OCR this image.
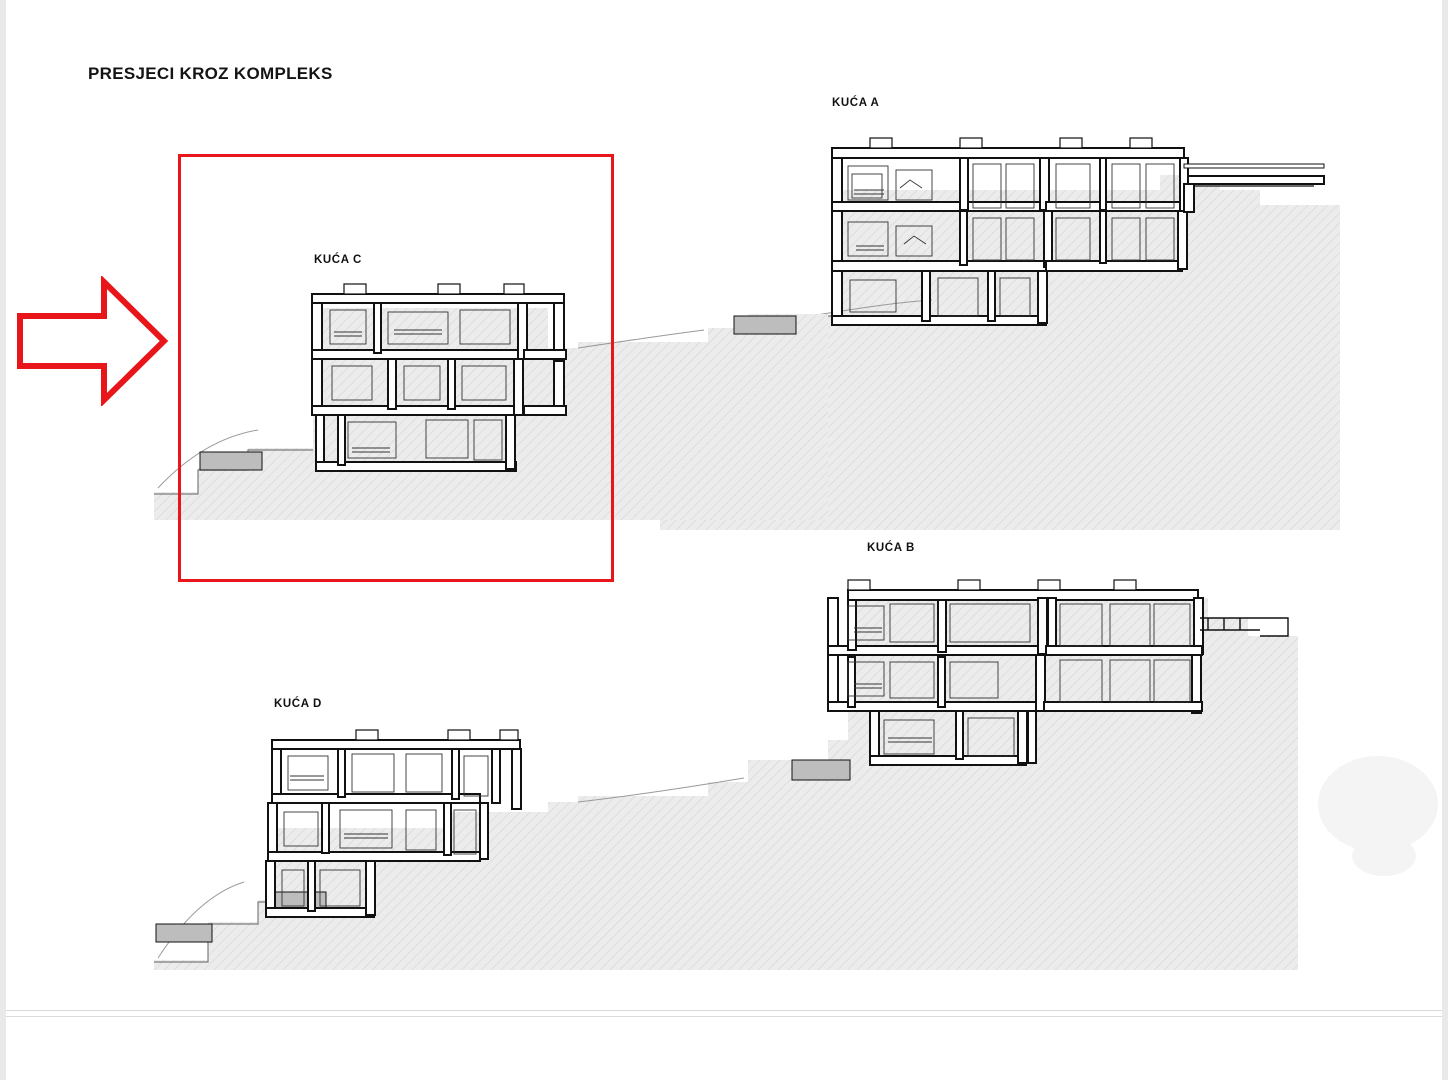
PRESJECI KROZ KOMPLEKS
KUĆA A
KUĆA C
KUĆA B
KUĆA D
